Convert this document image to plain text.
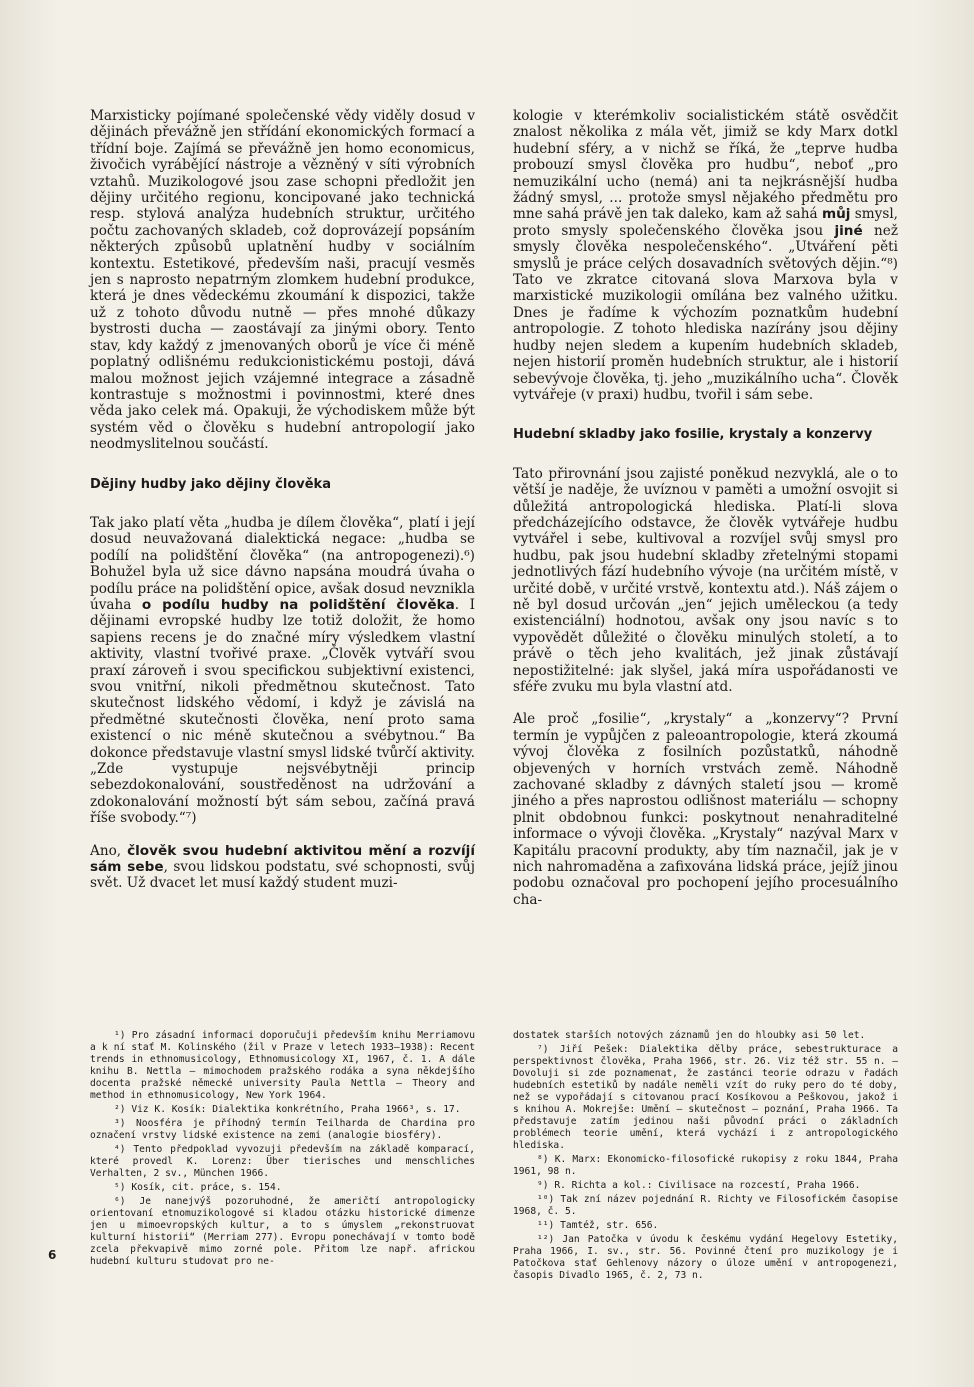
Marxisticky pojímané společenské vědy viděly dosud v dějinách převážně jen střídání ekonomických formací a třídní boje. Zajímá se převážně jen homo economicus, živočich vyrábějící nástroje a vězněný v síti výrobních vztahů. Muzikologové jsou zase schopni předložit jen dějiny určitého regionu, koncipované jako technická resp. stylová analýza hudebních struktur, určitého počtu zachovaných skladeb, což doprovázejí popsáním některých způsobů uplatnění hudby v sociálním kontextu. Estetikové, především naši, pracují vesměs jen s naprosto nepatrným zlomkem hudební produkce, která je dnes vědeckému zkoumání k dispozici, takže už z tohoto důvodu nutně — přes mnohé důkazy bystrosti ducha — zaostávají za jinými obory. Tento stav, kdy každý z jmenovaných oborů je více či méně poplatný odlišnému redukcionistickému postoji, dává malou možnost jejich vzájemné integrace a zásadně kontrastuje s možnostmi i povinnostmi, které dnes věda jako celek má. Opakuji, že východiskem může být systém věd o člověku s hudební antropologií jako neodmyslitelnou součástí.

Dějiny hudby jako dějiny člověka

Tak jako platí věta „hudba je dílem člověka“, platí i její dosud neuvažovaná dialektická negace: „hudba se podílí na polidštění člověka“ (na antropogenezi).⁶) Bohužel byla už sice dávno napsána moudrá úvaha o podílu práce na polidštění opice, avšak dosud nevznikla úvaha o podílu hudby na polidštění člověka. I dějinami evropské hudby lze totiž doložit, že homo sapiens recens je do značné míry výsledkem vlastní aktivity, vlastní tvořivé praxe. „Člověk vytváří svou praxí zároveň i svou specifickou subjektivní existenci, svou vnitřní, nikoli předmětnou skutečnost. Tato skutečnost lidského vědomí, i když je závislá na předmětné skutečnosti člověka, není proto sama existencí o nic méně skutečnou a svébytnou.“ Ba dokonce představuje vlastní smysl lidské tvůrčí aktivity. „Zde vystupuje nejsvébytněji princip sebezdokonalování, soustředěnost na udržování a zdokonalování možností být sám sebou, začíná pravá říše svobody.“⁷)

Ano, člověk svou hudební aktivitou mění a rozvíjí sám sebe, svou lidskou podstatu, své schopnosti, svůj svět. Už dvacet let musí každý student muzi-

kologie v kterémkoliv socialistickém státě osvědčit znalost několika z mála vět, jimiž se kdy Marx dotkl hudební sféry, a v nichž se říká, že „teprve hudba probouzí smysl člověka pro hudbu“, neboť „pro nemuzikální ucho (nemá) ani ta nejkrásnější hudba žádný smysl, ... protože smysl nějakého předmětu pro mne sahá právě jen tak daleko, kam až sahá můj smysl, proto smysly společenského člověka jsou jiné než smysly člověka nespolečenského“. „Utváření pěti smyslů je práce celých dosavadních světových dějin.“⁸) Tato ve zkratce citovaná slova Marxova byla v marxistické muzikologii omílána bez valného užitku. Dnes je řadíme k výchozím poznatkům hudební antropologie. Z tohoto hlediska nazírány jsou dějiny hudby nejen sledem a kupením hudebních skladeb, nejen historií proměn hudebních struktur, ale i historií sebevývoje člověka, tj. jeho „muzikálního ucha“. Člověk vytvářeje (v praxi) hudbu, tvořil i sám sebe.

Hudební skladby jako fosilie, krystaly a konzervy

Tato přirovnání jsou zajisté poněkud nezvyklá, ale o to větší je naděje, že uvíznou v paměti a umožní osvojit si důležitá antropologická hlediska. Platí-li slova předcházejícího odstavce, že člověk vytvářeje hudbu vytvářel i sebe, kultivoval a rozvíjel svůj smysl pro hudbu, pak jsou hudební skladby zřetelnými stopami jednotlivých fází hudebního vývoje (na určitém místě, v určité době, v určité vrstvě, kontextu atd.). Náš zájem o ně byl dosud určován „jen“ jejich uměleckou (a tedy existenciální) hodnotou, avšak ony jsou navíc s to vypovědět důležité o člověku minulých století, a to právě o těch jeho kvalitách, jež jinak zůstávají nepostižitelné: jak slyšel, jaká míra uspořádanosti ve sféře zvuku mu byla vlastní atd.

Ale proč „fosilie“, „krystaly“ a „konzervy“? První termín je vypůjčen z paleoantropologie, která zkoumá vývoj člověka z fosilních pozůstatků, náhodně objevených v horních vrstvách země. Náhodně zachované skladby z dávných staletí jsou — kromě jiného a přes naprostou odlišnost materiálu — schopny plnit obdobnou funkci: poskytnout nenahraditelné informace o vývoji člověka. „Krystaly“ nazýval Marx v Kapitálu pracovní produkty, aby tím naznačil, jak je v nich nahromaděna a zafixována lidská práce, jejíž jinou podobu označoval pro pochopení jejího procesuálního cha-

¹) Pro zásadní informaci doporučuji především knihu Merriamovu a k ní stať M. Kolinského (žil v Praze v letech 1933—1938): Recent trends in ethnomusicology, Ethnomusicology XI, 1967, č. 1. A dále knihu B. Nettla — mimochodem pražského rodáka a syna někdejšího docenta pražské německé university Paula Nettla — Theory and method in ethnomusicology, New York 1964.

²) Viz K. Kosík: Dialektika konkrétního, Praha 1966³, s. 17.

³) Noosféra je příhodný termín Teilharda de Chardina pro označení vrstvy lidské existence na zemi (analogie biosféry).

⁴) Tento předpoklad vyvozuji především na základě komparací, které provedl K. Lorenz: Über tierisches und menschliches Verhalten, 2 sv., München 1966.

⁵) Kosík, cit. práce, s. 154.

⁶) Je nanejvýš pozoruhodné, že američtí antropologicky orientovaní etnomuzikologové si kladou otázku historické dimenze jen u mimoevropských kultur, a to s úmyslem „rekonstruovat kulturní historii“ (Merriam 277). Evropu ponechávají v tomto bodě zcela překvapivě mimo zorné pole. Přitom lze např. africkou hudební kulturu studovat pro ne-

dostatek starších notových záznamů jen do hloubky asi 50 let.

⁷) Jiří Pešek: Dialektika dělby práce, sebestrukturace a perspektivnost člověka, Praha 1966, str. 26. Viz též str. 55 n. — Dovoluji si zde poznamenat, že zastánci teorie odrazu v řadách hudebních estetiků by nadále neměli vzít do ruky pero do té doby, než se vypořádají s citovanou prací Kosíkovou a Peškovou, jakož i s knihou A. Mokrejše: Umění — skutečnost — poznání, Praha 1966. Ta představuje zatím jedinou naši původní práci o základních problémech teorie umění, která vychází i z antropologického hlediska.

⁸) K. Marx: Ekonomicko-filosofické rukopisy z roku 1844, Praha 1961, 98 n.

⁹) R. Richta a kol.: Civilisace na rozcestí, Praha 1966.

¹⁰) Tak zní název pojednání R. Richty ve Filosofickém časopise 1968, č. 5.

¹¹) Tamtéž, str. 656.

¹²) Jan Patočka v úvodu k českému vydání Hegelovy Estetiky, Praha 1966, I. sv., str. 56. Povinné čtení pro muzikology je i Patočkova stať Gehlenovy názory o úloze umění v antropogenezi, časopis Divadlo 1965, č. 2, 73 n.

6
